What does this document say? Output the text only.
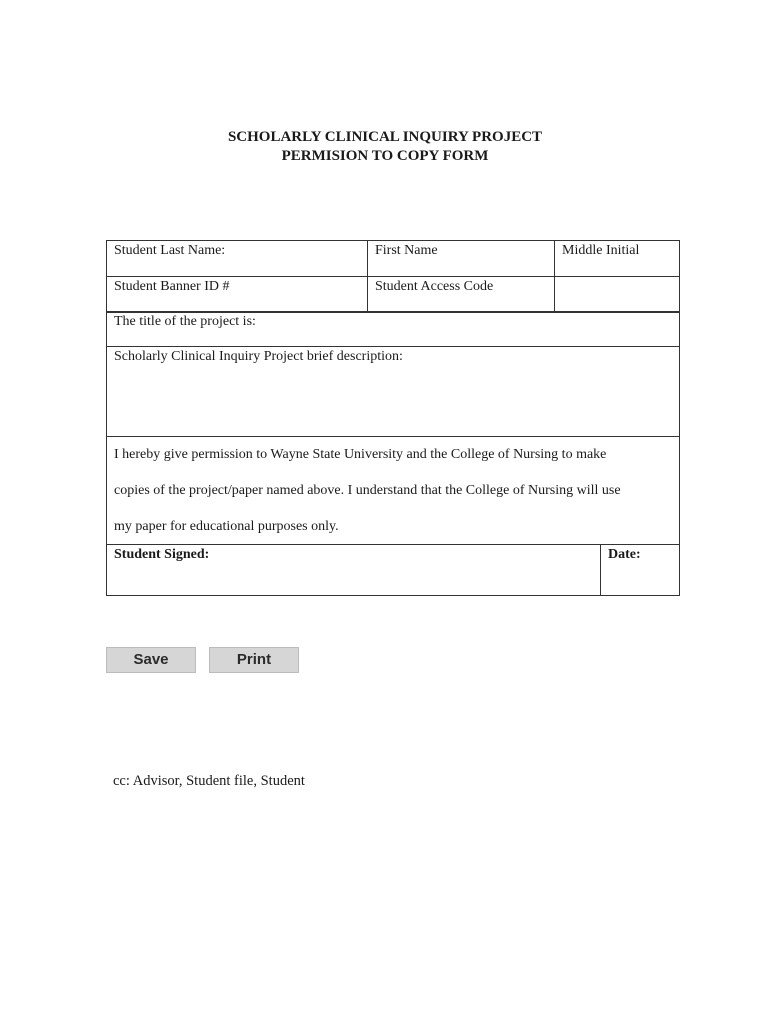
SCHOLARLY CLINICAL INQUIRY PROJECT
PERMISION TO COPY FORM
Student Last Name:	First Name	Middle Initial
Student Banner ID #	Student Access Code
The title of the project is:
Scholarly Clinical Inquiry Project brief description:
I hereby give permission to Wayne State University and the College of Nursing to make
copies of the project/paper named above. I understand that the College of Nursing will use
my paper for educational purposes only.
Student Signed:	Date:
Save	Print
cc: Advisor, Student file, Student
